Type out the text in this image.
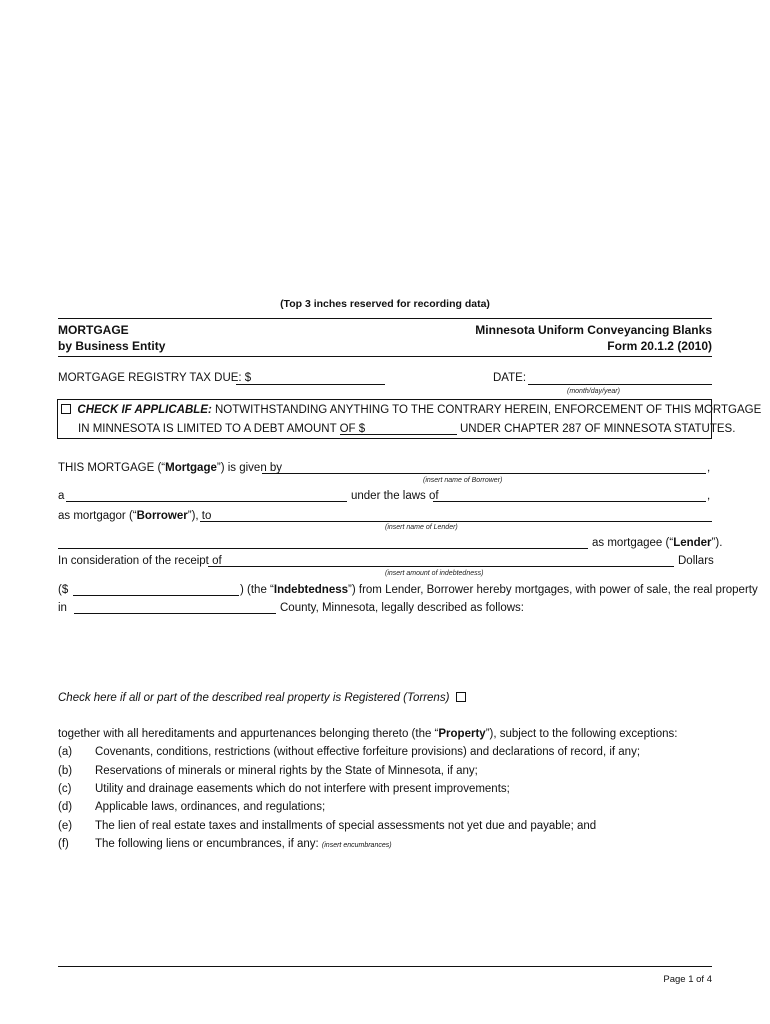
(Top 3 inches reserved for recording data)
MORTGAGE
by Business Entity
Minnesota Uniform Conveyancing Blanks
Form 20.1.2 (2010)
MORTGAGE REGISTRY TAX DUE: $	DATE:
(month/day/year)
CHECK IF APPLICABLE: NOTWITHSTANDING ANYTHING TO THE CONTRARY HEREIN, ENFORCEMENT OF THIS MORTGAGE
IN MINNESOTA IS LIMITED TO A DEBT AMOUNT OF $	UNDER CHAPTER 287 OF MINNESOTA STATUTES.
THIS MORTGAGE (“Mortgage”) is given by	,
(insert name of Borrower)
a	under the laws of	,
as mortgagor (“Borrower”), to
(insert name of Lender)
as mortgagee (“Lender”).
In consideration of the receipt of	Dollars
(insert amount of indebtedness)
($	) (the “Indebtedness”) from Lender, Borrower hereby mortgages, with power of sale, the real property
in	County, Minnesota, legally described as follows:
Check here if all or part of the described real property is Registered (Torrens)
together with all hereditaments and appurtenances belonging thereto (the “Property”), subject to the following exceptions:
(a) Covenants, conditions, restrictions (without effective forfeiture provisions) and declarations of record, if any;
(b) Reservations of minerals or mineral rights by the State of Minnesota, if any;
(c) Utility and drainage easements which do not interfere with present improvements;
(d) Applicable laws, ordinances, and regulations;
(e) The lien of real estate taxes and installments of special assessments not yet due and payable; and
(f) The following liens or encumbrances, if any: (insert encumbrances)
Page 1 of 4
